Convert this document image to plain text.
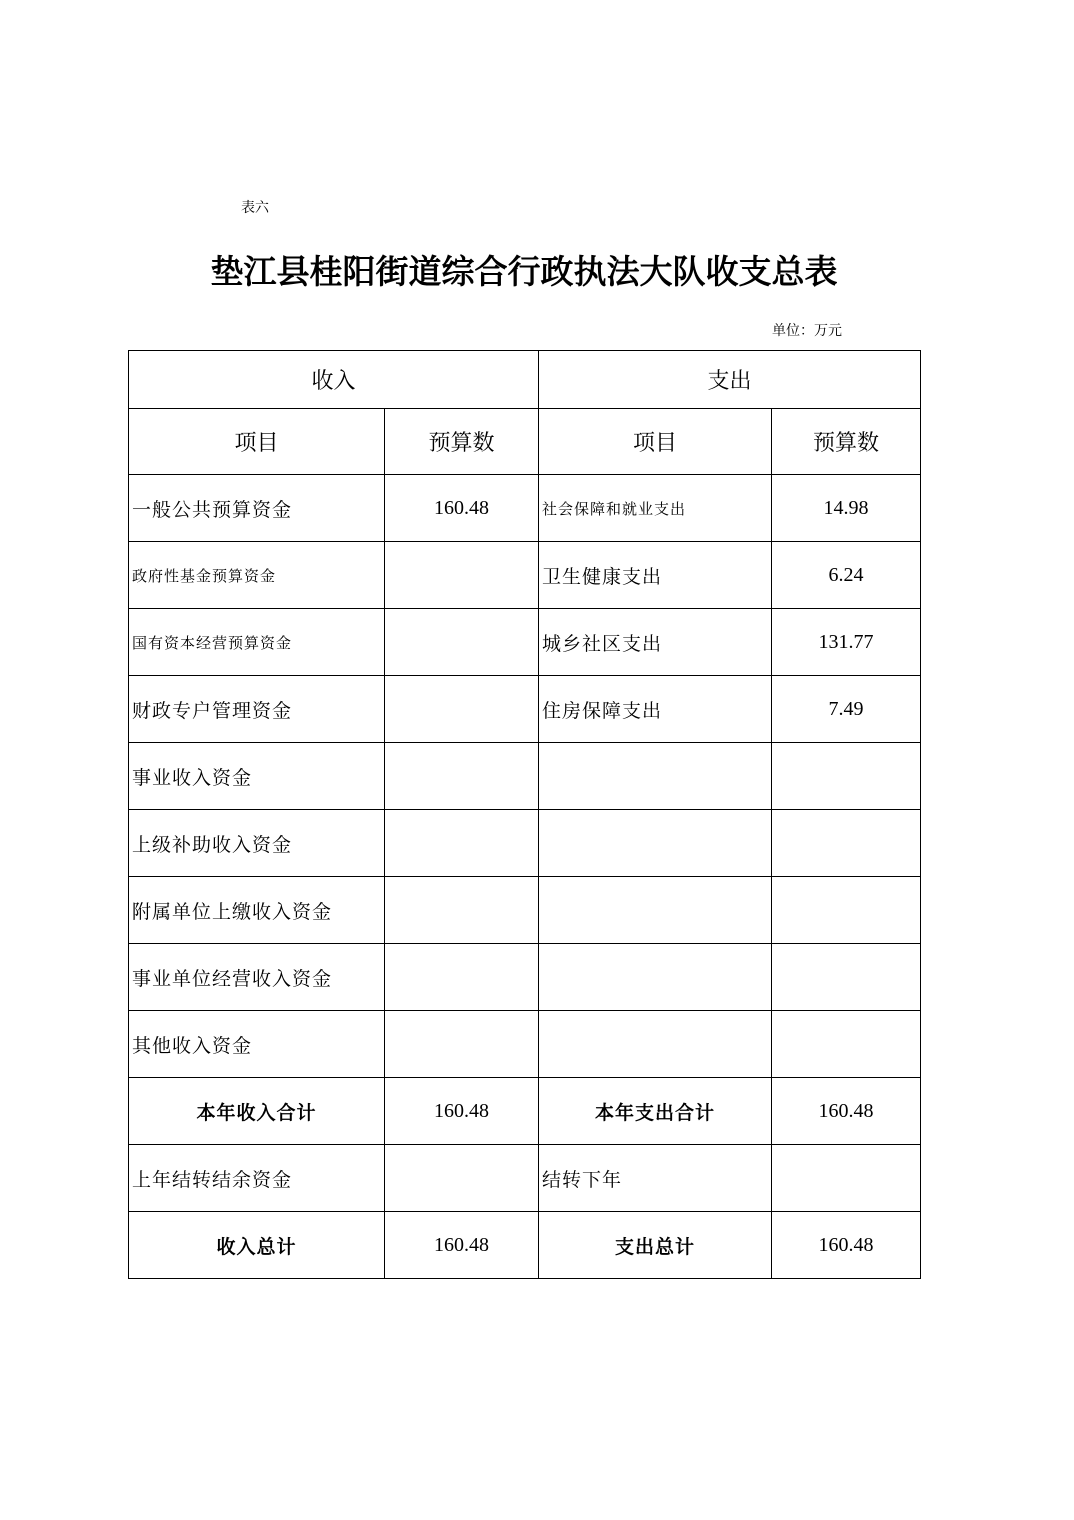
表六
垫江县桂阳街道综合行政执法大队收支总表
单位：万元
收入		支出	
项目	预算数	项目	预算数
一般公共预算资金	160.48	社会保障和就业支出	14.98
政府性基金预算资金		卫生健康支出	6.24
国有资本经营预算资金		城乡社区支出	131.77
财政专户管理资金		住房保障支出	7.49
事业收入资金			
上级补助收入资金			
附属单位上缴收入资金			
事业单位经营收入资金			
其他收入资金			
本年收入合计	160.48	本年支出合计	160.48
上年结转结余资金		结转下年	
收入总计	160.48	支出总计	160.48
